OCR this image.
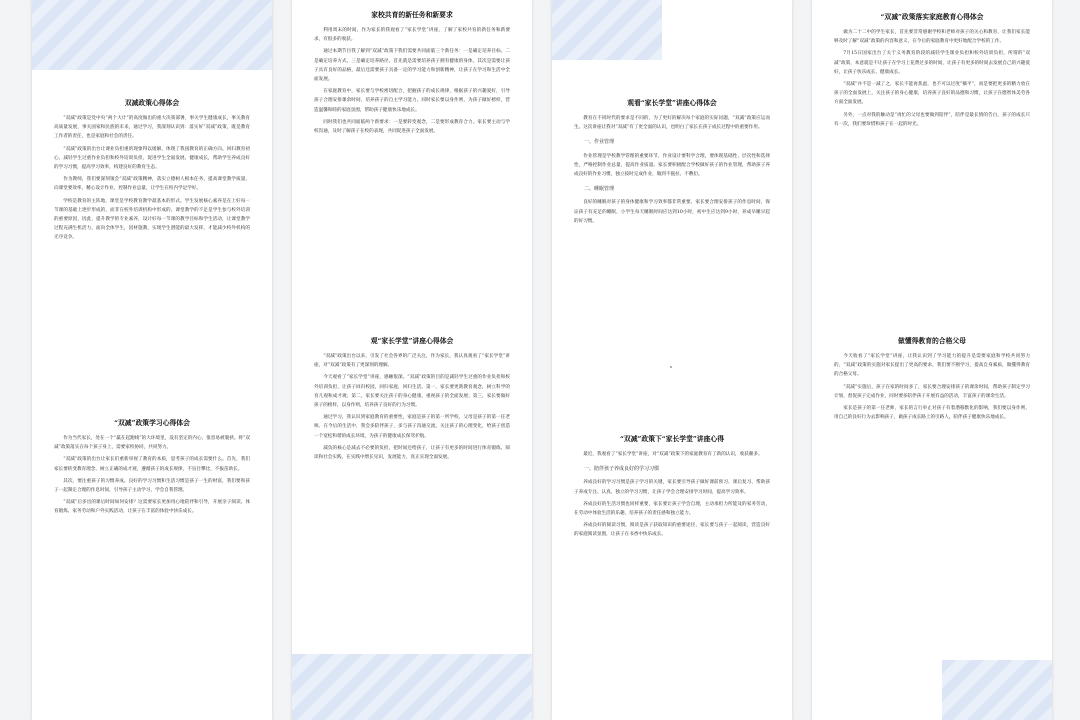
双减政策心得体会

“双减”政策是党中央“两个大计”的高度做出的重大决策部署，事关学生健康成长，事关教育高质量发展，事关国家和民族的未来，通过学习，我深刻认识到：落实好“双减”政策，既是教育工作者的责任，也是家庭和社会的责任。

“双减”政策的出台让课业负担重的现象得以缓解，体现了我国教育的正确方向。回归教育初心，减轻学生过重作业负担和校外培训负担，促进学生全面发展、健康成长，帮助学生养成良好的学习习惯，提高学习效率，构建良好的教育生态。

作为教师，我们要深刻领会“双减”政策精神，落实立德树人根本任务，提高课堂教学质量，向课堂要效率，精心设计作业，控制作业总量，让学生在校内学足学好。

学校是教育的主阵地，课堂是学校教育教学最基本的形式。学生发展核心素养是在上好每一节课的基础上逐步形成的，而非在校外培训机构中形成的。课堂教学的不足是学生参与校外培训的重要原因，因此，提升教学的专业素养，设计好每一节课的教学目标和学生活动，让课堂教学过程充满生机活力，面向全体学生，因材施教，实现学生潜能的最大发挥，才能减少校外机构的无序竞争。

“双减”政策学习心得体会

作为当代家长，处在一个“赢在起跑线”的大环境里，没有坚定的内心，很容易被裹挟。将“双减”政策落实在每个孩子身上，需要家校协同，共同努力。

“双减”政策的出台让家长们重新审视了教育的本质，思考孩子的成长需要什么。首先，我们家长要转变教育理念，树立正确的成才观，遵循孩子的成长规律，不盲目攀比，不拔苗助长。

其次，要注重孩子的习惯养成。良好的学习习惯和生活习惯是孩子一生的财富，我们要和孩子一起制定合理的作息时间，引导孩子主动学习，学会自我管理。

“双减”后多出的课后时间如何安排？这需要家长更加用心地陪伴和引导，开展亲子阅读、体育锻炼、家务劳动和户外实践活动，让孩子在丰富的体验中快乐成长。

家校共育的新任务和新要求

利用周末的时间，作为家长的我观看了“家长学堂”讲座，了解了家校共育的新任务和新要求，有很多的收获。

通过本期节目我了解到“双减”政策下我们需要共同面临三个新任务：一是确定培养目标，二是确定培养方式，三是确定培养路径。首先就是需要培养孩子拥有健康的身体，其次是需要让孩子具有良好的品格，最后还需要孩子具备一定的学习能力和创新精神，让孩子在学习和生活中全面发展。

在家庭教育中，家长要与学校密切配合，把握孩子的成长规律，根据孩子的兴趣爱好，引导孩子合理安排课余时间，培养孩子的自主学习能力。同时家长要以身作则，为孩子做好榜样，营造温馨和睦的家庭氛围，帮助孩子健康快乐地成长。

同时我们也共同面临两个新要求：一是要转变观念，二是要形成教育合力。家长要主动与学校沟通，及时了解孩子在校的表现，共同促进孩子全面发展。

观“家长学堂”讲座心得体会

“双减”政策出台以来，引发了社会各界的广泛关注，作为家长，我认真观看了“家长学堂”讲座，对“双减”政策有了更深刻的理解。

今天观看了“家长学堂”讲座，感触很深。“双减”政策的目的是减轻学生过重的作业负担和校外培训负担，让孩子回归校园，回归家庭，回归生活。第一，家长要更新教育观念，树立科学的育儿观和成才观；第二，家长要关注孩子的身心健康，重视孩子的全面发展；第三，家长要做好孩子的榜样，以身作则，培养孩子良好的行为习惯。

通过学习，我认识到家庭教育的重要性，家庭是孩子的第一所学校，父母是孩子的第一任老师。在今后的生活中，我会多陪伴孩子，多与孩子沟通交流，关注孩子的心理变化，给孩子创造一个宽松和谐的成长环境，为孩子的健康成长保驾护航。

减负的核心是减去不必要的负担，把时间还给孩子，让孩子有更多的时间进行体育锻炼、阅读和社会实践，在实践中增长见识，发展能力，真正实现全面发展。

观看“家长学堂”讲座心得体会

教育在不同时代的要求是不同的，为了更好的解决每个家庭的实际问题，“双减”政策应运而生。这次讲座让我对“双减”有了更全面的认识，也明白了家长在孩子成长过程中的重要作用。

一、作业管理

作业管理是学校教学管理的重要环节，作业设计要科学合理，要体现基础性、层次性和选择性，严格控制作业总量，提高作业质量。家长要积极配合学校做好孩子的作业管理，帮助孩子养成良好的作业习惯，独立按时完成作业，做到不拖拉、不敷衍。

二、睡眠管理

良好的睡眠对孩子的身体健康和学习效率都非常重要。家长要合理安排孩子的作息时间，保证孩子有充足的睡眠，小学生每天睡眠时间应达到10小时，初中生应达到9小时，养成早睡早起的好习惯。

“双减”政策下“家长学堂”讲座心得

最近，我观看了“家长学堂”讲座，对“双减”政策下的家庭教育有了新的认识，收获颇多。

一、陪伴孩子养成良好的学习习惯

养成良好的学习习惯是孩子学习的关键，家长要引导孩子做好课前预习、课后复习，帮助孩子养成专注、认真、独立的学习习惯，让孩子学会合理安排学习时间，提高学习效率。

养成良好的生活习惯也同样重要，家长要让孩子学会自理，主动承担力所能及的家务劳动，在劳动中体验生活的乐趣，培养孩子的责任感和独立能力。

养成良好的阅读习惯，阅读是孩子获取知识的重要途径，家长要与孩子一起阅读，营造良好的家庭阅读氛围，让孩子在书香中快乐成长。

“双减”政策落实家庭教育心得体会

做为二十二中的学生家长，首先要非常感谢学校和老师对孩子的关心和教育，让我们家长能够及时了解“双减”政策的内容和意义，在今后的家庭教育中更好地配合学校的工作。

7月15日国家出台了关于义务教育阶段的减轻学生课业负担和校外培训负担，所谓的“双减”政策，本意就是不让孩子在学习上花费过多的时间，让孩子有更多的时间去发展自己的兴趣爱好，让孩子快乐成长、健康成长。

“双减”并不是一减了之，家长不能再焦虑，也不可以过度“躺平”，而是要把更多的精力放在孩子的全面发展上，关注孩子的身心健康，培养孩子良好的品德和习惯，让孩子在德智体美劳各方面全面发展。

另外，一点对我的触动是“再忙的父母也要做到陪伴”，陪伴是最长情的告白，孩子的成长只有一次，我们要珍惜和孩子在一起的时光。

做懂得教育的合格父母

今天收看了“家长学堂”讲座，让我认识到了学习能力的提升是需要家庭和学校共同努力的，“双减”政策的实施对家长提出了更高的要求，我们要不断学习，提高自身素质，做懂得教育的合格父母。

“双减”实施后，孩子在家的时间多了，家长要合理安排孩子的课余时间，帮助孩子制定学习计划，督促孩子完成作业，同时要多陪伴孩子开展有益的活动，丰富孩子的课余生活。

家长是孩子的第一任老师，家长的言行举止对孩子有着潜移默化的影响，我们要以身作则，用自己的良好行为去影响孩子，做孩子成长路上的引路人，陪伴孩子健康快乐地成长。
